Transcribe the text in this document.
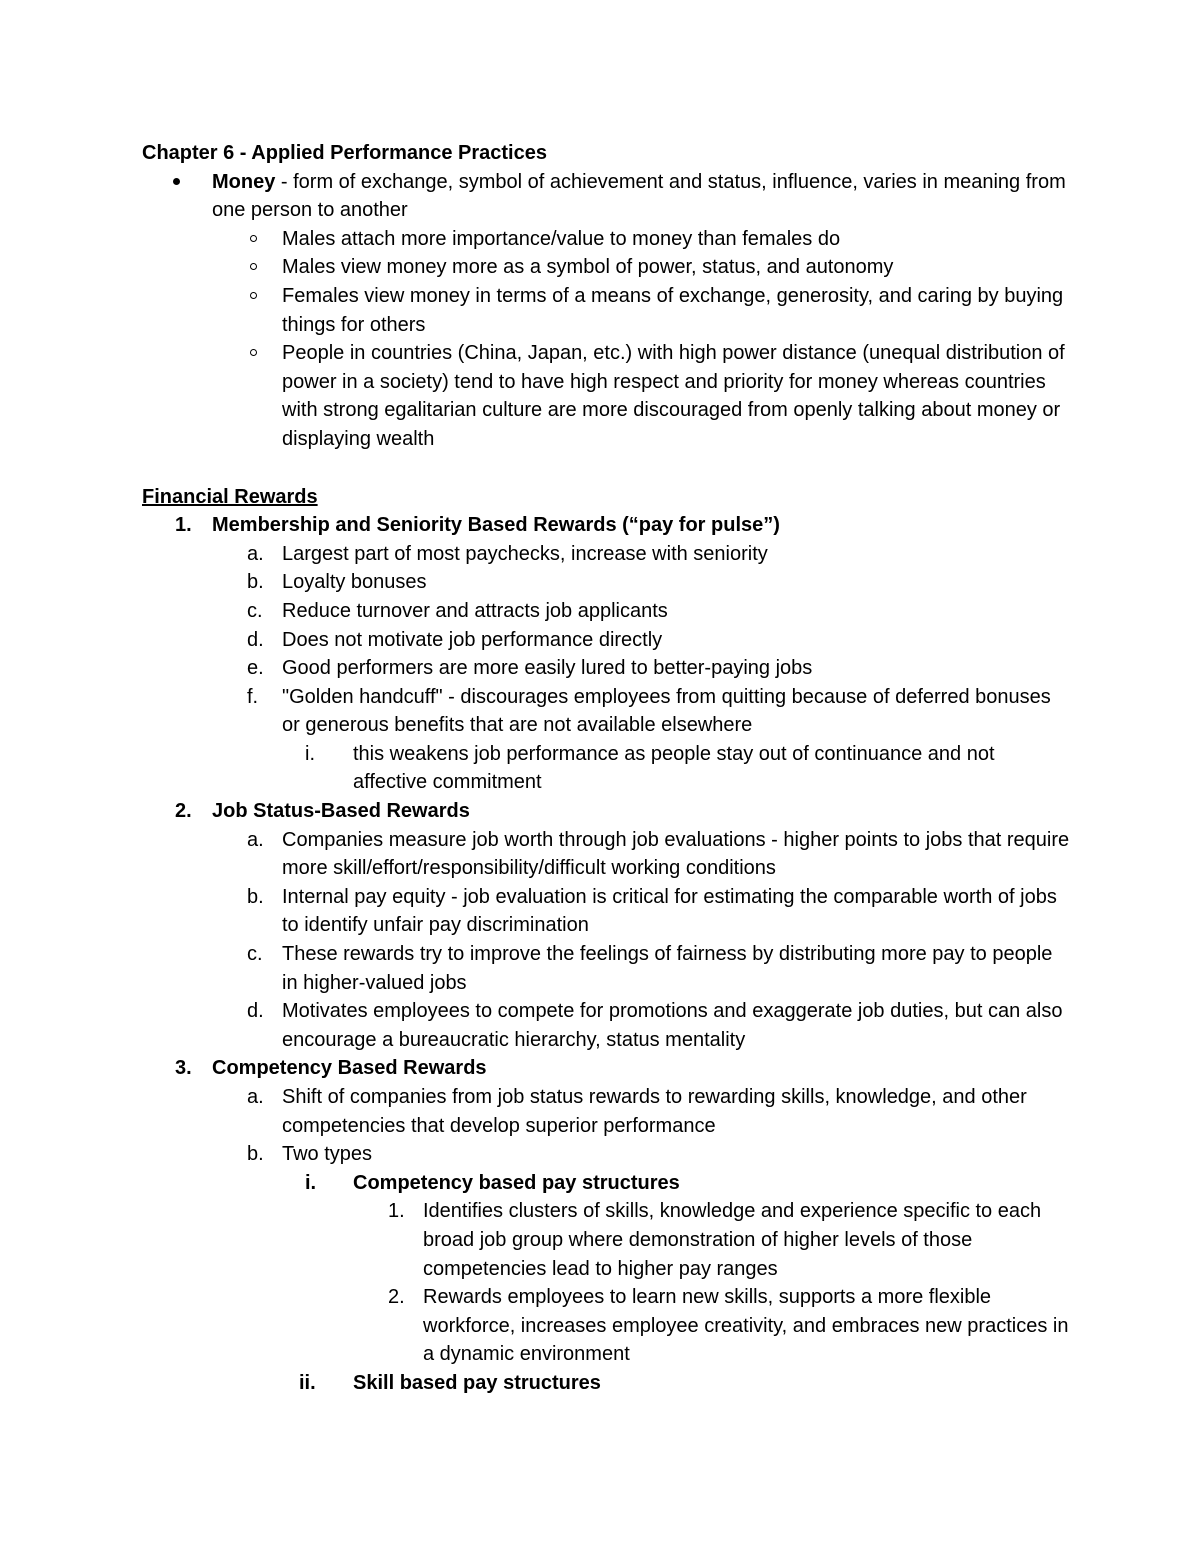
Chapter 6 - Applied Performance Practices
Money - form of exchange, symbol of achievement and status, influence, varies in meaning from one person to another
Males attach more importance/value to money than females do
Males view money more as a symbol of power, status, and autonomy
Females view money in terms of a means of exchange, generosity, and caring by buying things for others
People in countries (China, Japan, etc.) with high power distance (unequal distribution of power in a society) tend to have high respect and priority for money whereas countries with strong egalitarian culture are more discouraged from openly talking about money or displaying wealth
Financial Rewards
1. Membership and Seniority Based Rewards (“pay for pulse”)
a. Largest part of most paychecks, increase with seniority
b. Loyalty bonuses
c. Reduce turnover and attracts job applicants
d. Does not motivate job performance directly
e. Good performers are more easily lured to better-paying jobs
f. "Golden handcuff" - discourages employees from quitting because of deferred bonuses or generous benefits that are not available elsewhere
i. this weakens job performance as people stay out of continuance and not affective commitment
2. Job Status-Based Rewards
a. Companies measure job worth through job evaluations - higher points to jobs that require more skill/effort/responsibility/difficult working conditions
b. Internal pay equity - job evaluation is critical for estimating the comparable worth of jobs to identify unfair pay discrimination
c. These rewards try to improve the feelings of fairness by distributing more pay to people in higher-valued jobs
d. Motivates employees to compete for promotions and exaggerate job duties, but can also encourage a bureaucratic hierarchy, status mentality
3. Competency Based Rewards
a. Shift of companies from job status rewards to rewarding skills, knowledge, and other competencies that develop superior performance
b. Two types
i. Competency based pay structures
1. Identifies clusters of skills, knowledge and experience specific to each broad job group where demonstration of higher levels of those competencies lead to higher pay ranges
2. Rewards employees to learn new skills, supports a more flexible workforce, increases employee creativity, and embraces new practices in a dynamic environment
ii. Skill based pay structures
